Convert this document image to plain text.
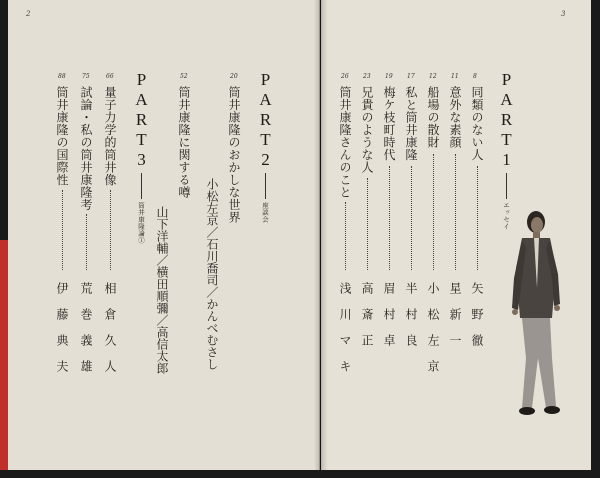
2
PART2座談会
20
筒井康隆のおかしな世界
小松左京／石川喬司／かんべむさし
52
筒井康隆に関する噂
山下洋輔／横田順彌／高信太郎
PART3筒井康隆論①
66
量子力学的筒井像
相倉久人
75
試論・私の筒井康隆考
荒巻義雄
88
筒井康隆の国際性
伊藤典夫
3
PART1エッセイ
8
同類のない人
矢野徹
11
意外な素顔
星新一
12
船場の散財
小松左京
17
私と筒井康隆
半村良
19
梅ケ枝町時代
眉村卓
23
兄貴のような人
高斎正
26
筒井康隆さんのこと
浅川マキ
